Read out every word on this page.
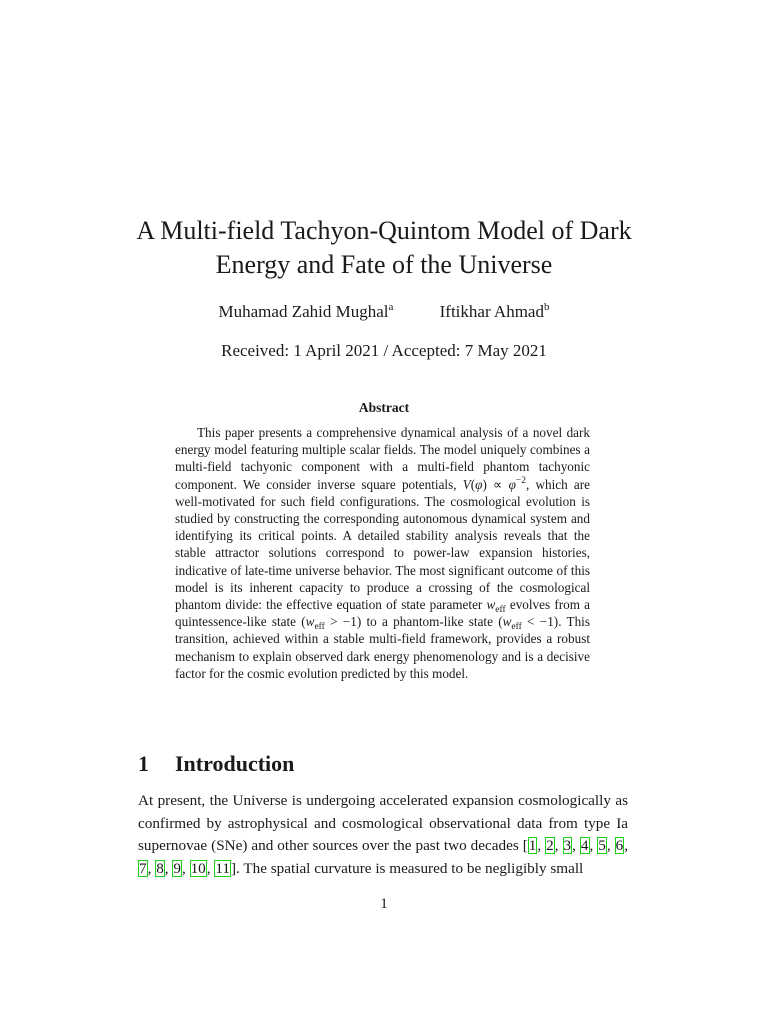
A Multi-field Tachyon-Quintom Model of Dark
Energy and Fate of the Universe
Muhamad Zahid Mughal$^a$	Iftikhar Ahmad$^b$
Received: 1 April 2021 / Accepted: 7 May 2021
Abstract

This paper presents a comprehensive dynamical analysis of a novel dark energy model featuring multiple scalar fields. The model uniquely combines a multi-field tachyonic component with a multi-field phantom tachyonic component. We consider inverse square potentials, $V(\varphi) \propto \varphi^{-2}$, which are well-motivated for such field configurations. The cosmological evolution is studied by constructing the corresponding autonomous dynamical system and identifying its critical points. A detailed stability analysis reveals that the stable attractor solutions correspond to power-law expansion histories, indicative of late-time universe behavior. The most significant outcome of this model is its inherent capacity to produce a crossing of the cosmological phantom divide: the effective equation of state parameter $w_{eff}$ evolves from a quintessence-like state $(w_{eff} > -1)$ to a phantom-like state $(w_{eff} < -1)$. This transition, achieved within a stable multi-field framework, provides a robust mechanism to explain observed dark energy phenomenology and is a decisive factor for the cosmic evolution predicted by this model.

1 Introduction

At present, the Universe is undergoing accelerated expansion cosmologically as confirmed by astrophysical and cosmological observational data from type Ia supernovae (SNe) and other sources over the past two decades [1, 2, 3, 4, 5, 6, 7, 8, 9, 10, 11]. The spatial curvature is measured to be negligibly small

1
